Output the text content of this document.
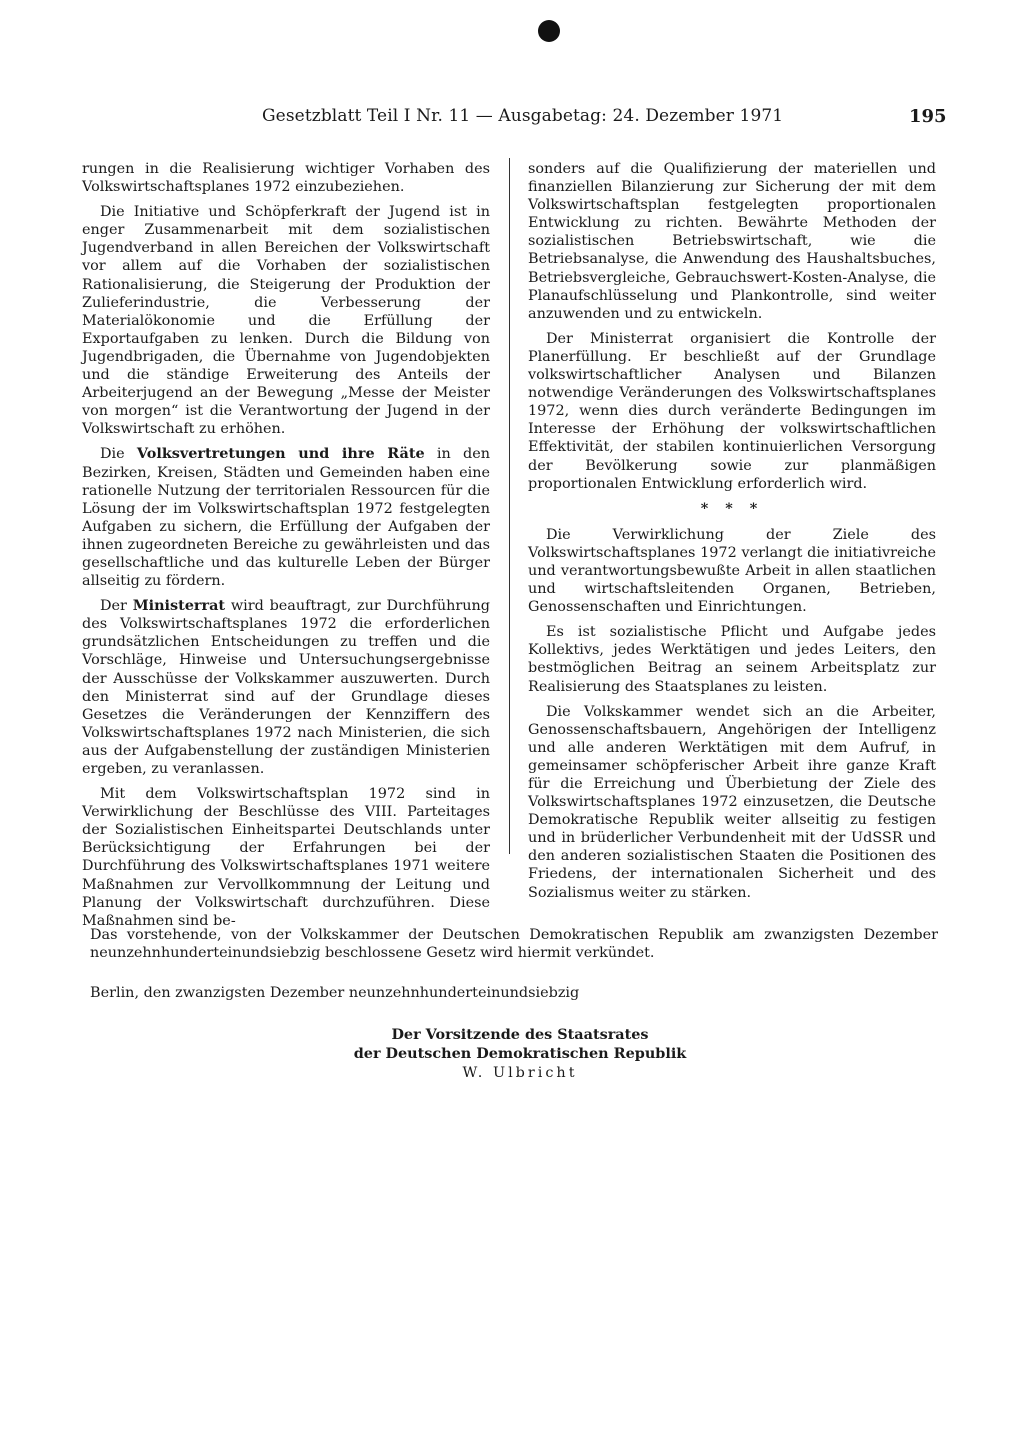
Gesetzblatt Teil I Nr. 11 — Ausgabetag: 24. Dezember 1971	195

rungen in die Realisierung wichtiger Vorhaben des Volkswirtschaftsplanes 1972 einzubeziehen.

Die Initiative und Schöpferkraft der Jugend ist in enger Zusammenarbeit mit dem sozialistischen Jugendverband in allen Bereichen der Volkswirtschaft vor allem auf die Vorhaben der sozialistischen Rationalisierung, die Steigerung der Produktion der Zulieferindustrie, die Verbesserung der Materialökonomie und die Erfüllung der Exportaufgaben zu lenken. Durch die Bildung von Jugendbrigaden, die Übernahme von Jugendobjekten und die ständige Erweiterung des Anteils der Arbeiterjugend an der Bewegung „Messe der Meister von morgen“ ist die Verantwortung der Jugend in der Volkswirtschaft zu erhöhen.

Die Volksvertretungen und ihre Räte in den Bezirken, Kreisen, Städten und Gemeinden haben eine rationelle Nutzung der territorialen Ressourcen für die Lösung der im Volkswirtschaftsplan 1972 festgelegten Aufgaben zu sichern, die Erfüllung der Aufgaben der ihnen zugeordneten Bereiche zu gewährleisten und das gesellschaftliche und das kulturelle Leben der Bürger allseitig zu fördern.

Der Ministerrat wird beauftragt, zur Durchführung des Volkswirtschaftsplanes 1972 die erforderlichen grundsätzlichen Entscheidungen zu treffen und die Vorschläge, Hinweise und Untersuchungsergebnisse der Ausschüsse der Volkskammer auszuwerten. Durch den Ministerrat sind auf der Grundlage dieses Gesetzes die Veränderungen der Kennziffern des Volkswirtschaftsplanes 1972 nach Ministerien, die sich aus der Aufgabenstellung der zuständigen Ministerien ergeben, zu veranlassen.

Mit dem Volkswirtschaftsplan 1972 sind in Verwirklichung der Beschlüsse des VIII. Parteitages der Sozialistischen Einheitspartei Deutschlands unter Berücksichtigung der Erfahrungen bei der Durchführung des Volkswirtschaftsplanes 1971 weitere Maßnahmen zur Vervollkommnung der Leitung und Planung der Volkswirtschaft durchzuführen. Diese Maßnahmen sind be-

sonders auf die Qualifizierung der materiellen und finanziellen Bilanzierung zur Sicherung der mit dem Volkswirtschaftsplan festgelegten proportionalen Entwicklung zu richten. Bewährte Methoden der sozialistischen Betriebswirtschaft, wie die Betriebsanalyse, die Anwendung des Haushaltsbuches, Betriebsvergleiche, Gebrauchswert-Kosten-Analyse, die Planaufschlüsselung und Plankontrolle, sind weiter anzuwenden und zu entwickeln.

Der Ministerrat organisiert die Kontrolle der Planerfüllung. Er beschließt auf der Grundlage volkswirtschaftlicher Analysen und Bilanzen notwendige Veränderungen des Volkswirtschaftsplanes 1972, wenn dies durch veränderte Bedingungen im Interesse der Erhöhung der volkswirtschaftlichen Effektivität, der stabilen kontinuierlichen Versorgung der Bevölkerung sowie zur planmäßigen proportionalen Entwicklung erforderlich wird.

* * *

Die Verwirklichung der Ziele des Volkswirtschaftsplanes 1972 verlangt die initiativreiche und verantwortungsbewußte Arbeit in allen staatlichen und wirtschaftsleitenden Organen, Betrieben, Genossenschaften und Einrichtungen.

Es ist sozialistische Pflicht und Aufgabe jedes Kollektivs, jedes Werktätigen und jedes Leiters, den bestmöglichen Beitrag an seinem Arbeitsplatz zur Realisierung des Staatsplanes zu leisten.

Die Volkskammer wendet sich an die Arbeiter, Genossenschaftsbauern, Angehörigen der Intelligenz und alle anderen Werktätigen mit dem Aufruf, in gemeinsamer schöpferischer Arbeit ihre ganze Kraft für die Erreichung und Überbietung der Ziele des Volkswirtschaftsplanes 1972 einzusetzen, die Deutsche Demokratische Republik weiter allseitig zu festigen und in brüderlicher Verbundenheit mit der UdSSR und den anderen sozialistischen Staaten die Positionen des Friedens, der internationalen Sicherheit und des Sozialismus weiter zu stärken.

Das vorstehende, von der Volkskammer der Deutschen Demokratischen Republik am zwanzigsten Dezember neunzehnhunderteinundsiebzig beschlossene Gesetz wird hiermit verkündet.
Berlin, den zwanzigsten Dezember neunzehnhunderteinundsiebzig
Der Vorsitzende des Staatsrates
der Deutschen Demokratischen Republik
W. Ulbricht
